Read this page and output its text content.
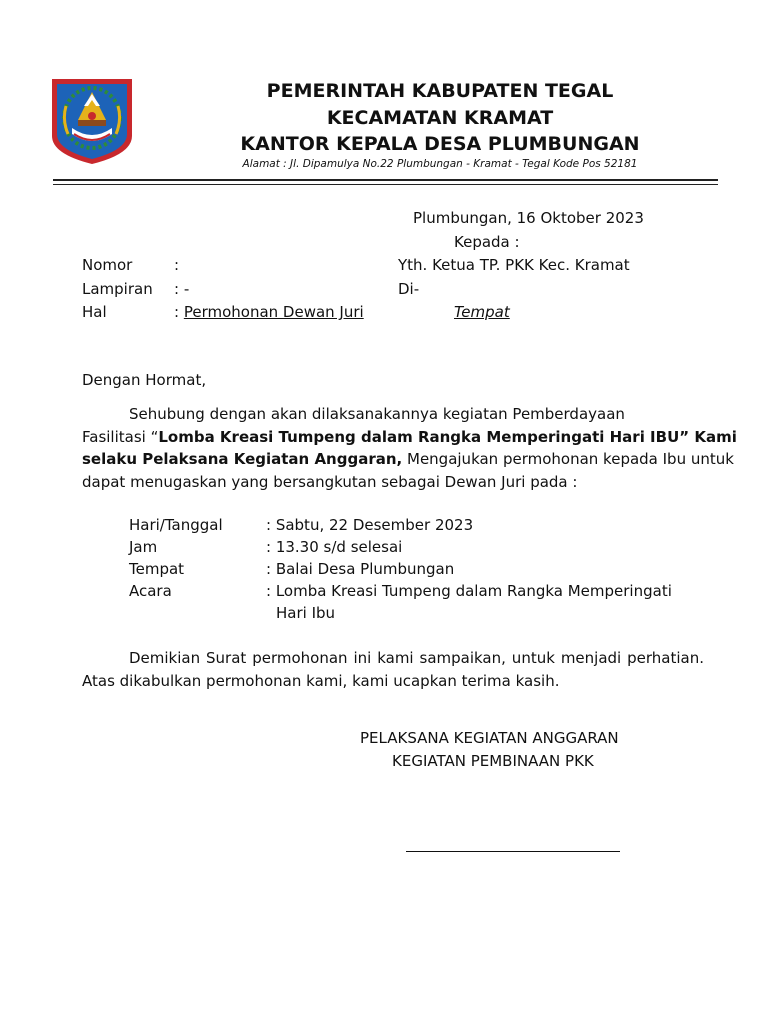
PEMERINTAH KABUPATEN TEGAL
KECAMATAN KRAMAT
KANTOR KEPALA DESA PLUMBUNGAN
Alamat : Jl. Dipamulya No.22 Plumbungan - Kramat - Tegal Kode Pos 52181
Plumbungan, 16 Oktober 2023
Kepada :
Yth. Ketua TP. PKK Kec. Kramat
Di-
Tempat
Nomor	:
Lampiran : -
Hal	: Permohonan Dewan Juri
Dengan Hormat,
Sehubung dengan akan dilaksanakannya kegiatan Pemberdayaan
Fasilitasi “Lomba Kreasi Tumpeng dalam Rangka Memperingati Hari IBU” Kami
selaku Pelaksana Kegiatan Anggaran, Mengajukan permohonan kepada Ibu untuk
dapat menugaskan yang bersangkutan sebagai Dewan Juri pada :
Hari/Tanggal	: Sabtu, 22 Desember 2023
Jam	: 13.30 s/d selesai
Tempat	: Balai Desa Plumbungan
Acara	: Lomba Kreasi Tumpeng dalam Rangka Memperingati
Hari Ibu
Demikian Surat permohonan ini kami sampaikan, untuk menjadi perhatian.
Atas dikabulkan permohonan kami, kami ucapkan terima kasih.
PELAKSANA KEGIATAN ANGGARAN
KEGIATAN PEMBINAAN PKK
